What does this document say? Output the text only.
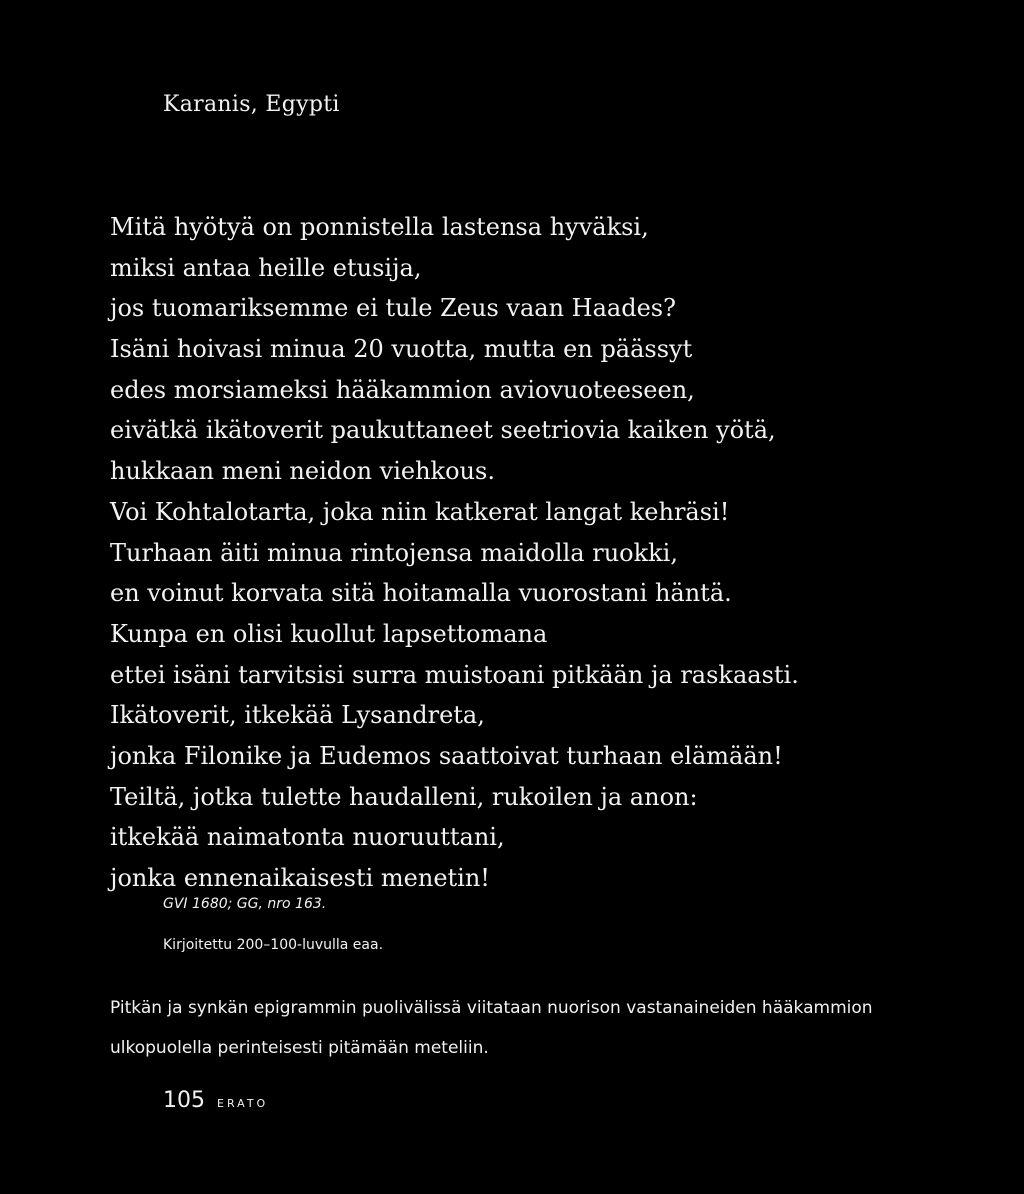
Karanis, Egypti
Mitä hyötyä on ponnistella lastensa hyväksi,
miksi antaa heille etusija,
jos tuomariksemme ei tule Zeus vaan Haades?
Isäni hoivasi minua 20 vuotta, mutta en päässyt
edes morsiameksi hääkammion aviovuoteeseen,
eivätkä ikätoverit paukuttaneet seetriovia kaiken yötä,
hukkaan meni neidon viehkous.
Voi Kohtalotarta, joka niin katkerat langat kehräsi!
Turhaan äiti minua rintojensa maidolla ruokki,
en voinut korvata sitä hoitamalla vuorostani häntä.
Kunpa en olisi kuollut lapsettomana
ettei isäni tarvitsisi surra muistoani pitkään ja raskaasti.
Ikätoverit, itkekää Lysandreta,
jonka Filonike ja Eudemos saattoivat turhaan elämään!
Teiltä, jotka tulette haudalleni, rukoilen ja anon:
itkekää naimatonta nuoruuttani,
jonka ennenaikaisesti menetin!

GVI 1680; GG, nro 163.

Kirjoitettu 200–100-luvulla eaa.

Pitkän ja synkän epigrammin puolivälissä viitataan nuorison vastanaineiden hääkammion
ulkopuolella perinteisesti pitämään meteliin.

105 ERATO
